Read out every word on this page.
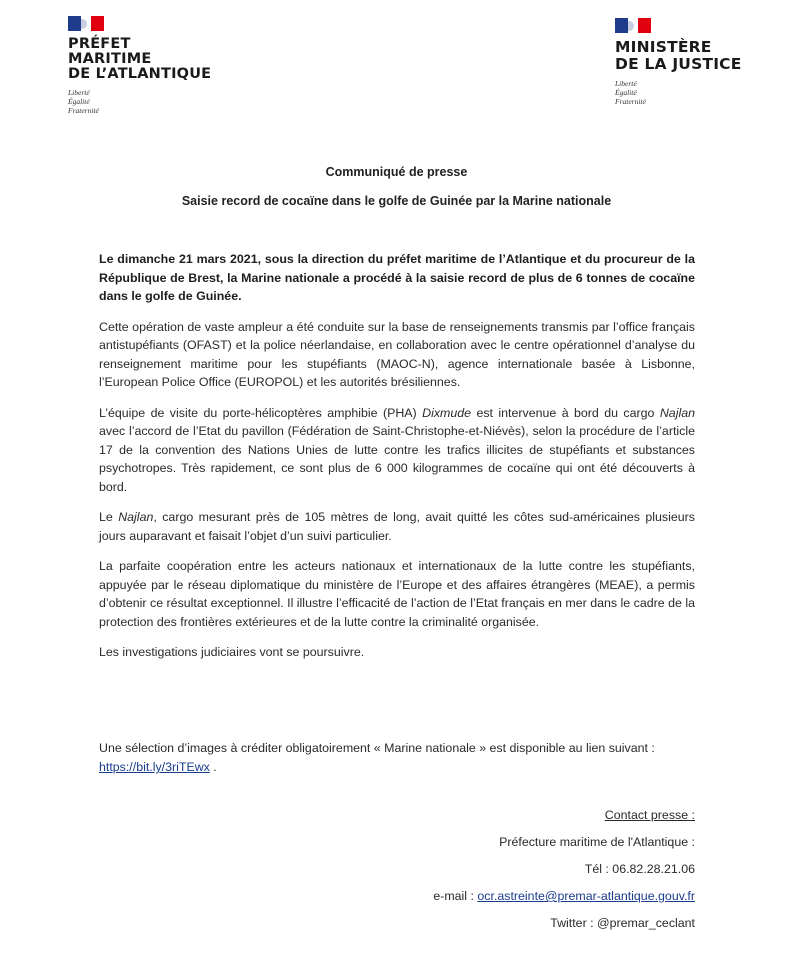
PRÉFET
MARITIME
DE L’ATLANTIQUE
Liberté
Égalité
Fraternité
MINISTÈRE
DE LA JUSTICE
Liberté
Égalité
Fraternité
Communiqué de presse
Saisie record de cocaïne dans le golfe de Guinée par la Marine nationale

Le dimanche 21 mars 2021, sous la direction du préfet maritime de l’Atlantique et du procureur de la République de Brest, la Marine nationale a procédé à la saisie record de plus de 6 tonnes de cocaïne dans le golfe de Guinée.

Cette opération de vaste ampleur a été conduite sur la base de renseignements transmis par l’office français antistupéfiants (OFAST) et la police néerlandaise, en collaboration avec le centre opérationnel d’analyse du renseignement maritime pour les stupéfiants (MAOC-N), agence internationale basée à Lisbonne, l’European Police Office (EUROPOL) et les autorités brésiliennes.

L’équipe de visite du porte-hélicoptères amphibie (PHA) Dixmude est intervenue à bord du cargo Najlan avec l’accord de l’Etat du pavillon (Fédération de Saint-Christophe-et-Niévès), selon la procédure de l’article 17 de la convention des Nations Unies de lutte contre les trafics illicites de stupéfiants et substances psychotropes. Très rapidement, ce sont plus de 6 000 kilogrammes de cocaïne qui ont été découverts à bord.

Le Najlan, cargo mesurant près de 105 mètres de long, avait quitté les côtes sud-américaines plusieurs jours auparavant et faisait l’objet d’un suivi particulier.

La parfaite coopération entre les acteurs nationaux et internationaux de la lutte contre les stupéfiants, appuyée par le réseau diplomatique du ministère de l’Europe et des affaires étrangères (MEAE), a permis d’obtenir ce résultat exceptionnel. Il illustre l’efficacité de l’action de l’Etat français en mer dans le cadre de la protection des frontières extérieures et de la lutte contre la criminalité organisée.

Les investigations judiciaires vont se poursuivre.

Une sélection d’images à créditer obligatoirement « Marine nationale » est disponible au lien suivant :
https://bit.ly/3riTEwx .
Contact presse :
Préfecture maritime de l'Atlantique :
Tél : 06.82.28.21.06
e-mail : ocr.astreinte@premar-atlantique.gouv.fr
Twitter : @premar_ceclant
